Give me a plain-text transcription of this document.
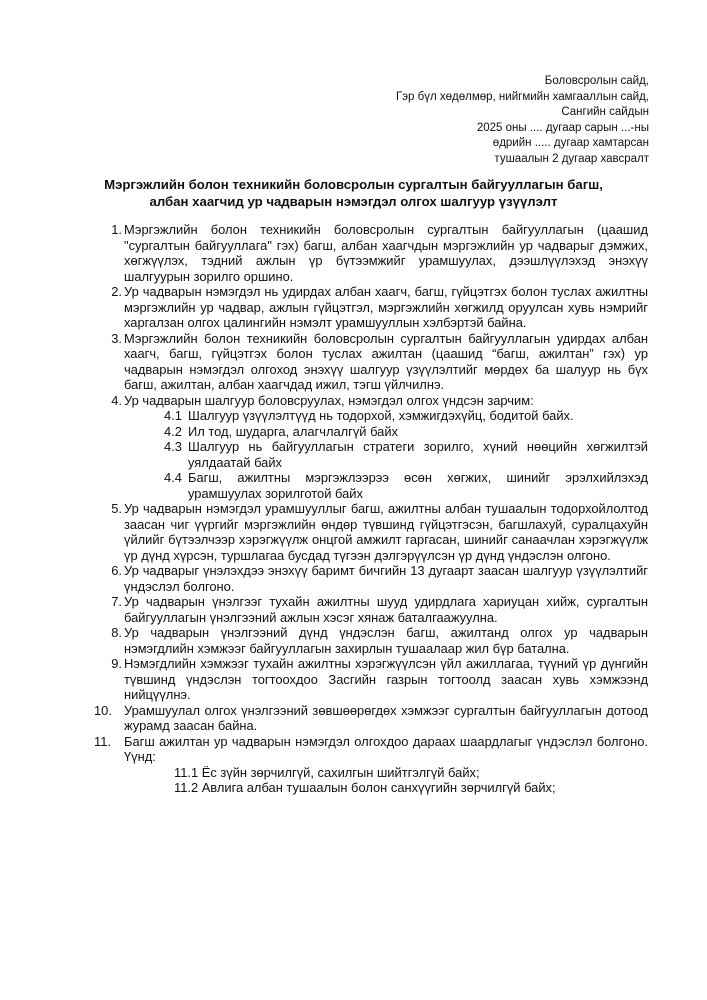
Боловсролын сайд,
Гэр бүл хөдөлмөр, нийгмийн хамгааллын сайд,
Сангийн сайдын
2025 оны .... дугаар сарын ...-ны
өдрийн ..... дугаар хамтарсан
тушаалын 2 дугаар хавсралт
Мэргэжлийн болон техникийн боловсролын сургалтын байгууллагын багш,
албан хаагчид ур чадварын нэмэгдэл олгох шалгуур үзүүлэлт
1. Мэргэжлийн болон техникийн боловсролын сургалтын байгууллагын (цаашид "сургалтын байгууллага" гэх) багш, албан хаагчдын мэргэжлийн ур чадварыг дэмжих, хөгжүүлэх, тэдний ажлын үр бүтээмжийг урамшуулах, дээшлүүлэхэд энэхүү шалгуурын зорилго оршино.
2. Ур чадварын нэмэгдэл нь удирдах албан хаагч, багш, гүйцэтгэх болон туслах ажилтны мэргэжлийн ур чадвар, ажлын гүйцэтгэл, мэргэжлийн хөгжилд оруулсан хувь нэмрийг харгалзан олгох цалингийн нэмэлт урамшууллын хэлбэртэй байна.
3. Мэргэжлийн болон техникийн боловсролын сургалтын байгууллагын удирдах албан хаагч, багш, гүйцэтгэх болон туслах ажилтан (цаашид “багш, ажилтан” гэх) ур чадварын нэмэгдэл олгоход энэхүү шалгуур үзүүлэлтийг мөрдөх ба шалуур нь бүх багш, ажилтан, албан хаагчдад ижил, тэгш үйлчилнэ.
4. Ур чадварын шалгуур боловсруулах, нэмэгдэл олгох үндсэн зарчим:
4.1 Шалгуур үзүүлэлтүүд нь тодорхой, хэмжигдэхүйц, бодитой байх.
4.2 Ил тод, шударга, алагчлалгүй байх
4.3 Шалгуур нь байгууллагын стратеги зорилго, хүний нөөцийн хөгжилтэй уялдаатай байх
4.4 Багш, ажилтны мэргэжлээрээ өсөн хөгжих, шинийг эрэлхийлэхэд урамшуулах зорилготой байх
5. Ур чадварын нэмэгдэл урамшууллыг багш, ажилтны албан тушаалын тодорхойлолтод заасан чиг үүргийг мэргэжлийн өндөр түвшинд гүйцэтгэсэн, багшлахуй, суралцахуйн үйлийг бүтээлчээр хэрэгжүүлж онцгой амжилт гаргасан, шинийг санаачлан хэрэгжүүлж үр дүнд хүрсэн, туршлагаа бусдад түгээн дэлгэрүүлсэн үр дүнд үндэслэн олгоно.
6. Ур чадварыг үнэлэхдээ энэхүү баримт бичгийн 13 дугаарт заасан шалгуур үзүүлэлтийг үндэслэл болгоно.
7. Ур чадварын үнэлгээг тухайн ажилтны шууд удирдлага хариуцан хийж, сургалтын байгууллагын үнэлгээний ажлын хэсэг хянаж баталгаажуулна.
8. Ур чадварын үнэлгээний дүнд үндэслэн багш, ажилтанд олгох ур чадварын нэмэгдлийн хэмжээг байгууллагын захирлын тушаалаар жил бүр батална.
9. Нэмэгдлийн хэмжээг тухайн ажилтны хэрэгжүүлсэн үйл ажиллагаа, түүний үр дүнгийн түвшинд үндэслэн тогтоохдоо Засгийн газрын тогтоолд заасан хувь хэмжээнд нийцүүлнэ.
10. Урамшуулал олгох үнэлгээний зөвшөөрөгдөх хэмжээг сургалтын байгууллагын дотоод журамд заасан байна.
11.	Багш ажилтан ур чадварын нэмэгдэл олгохдоо дараах шаардлагыг үндэслэл болгоно. Үүнд:
11.1 Ёс зүйн зөрчилгүй, сахилгын шийтгэлгүй байх;
11.2 Авлига албан тушаалын болон санхүүгийн зөрчилгүй байх;
